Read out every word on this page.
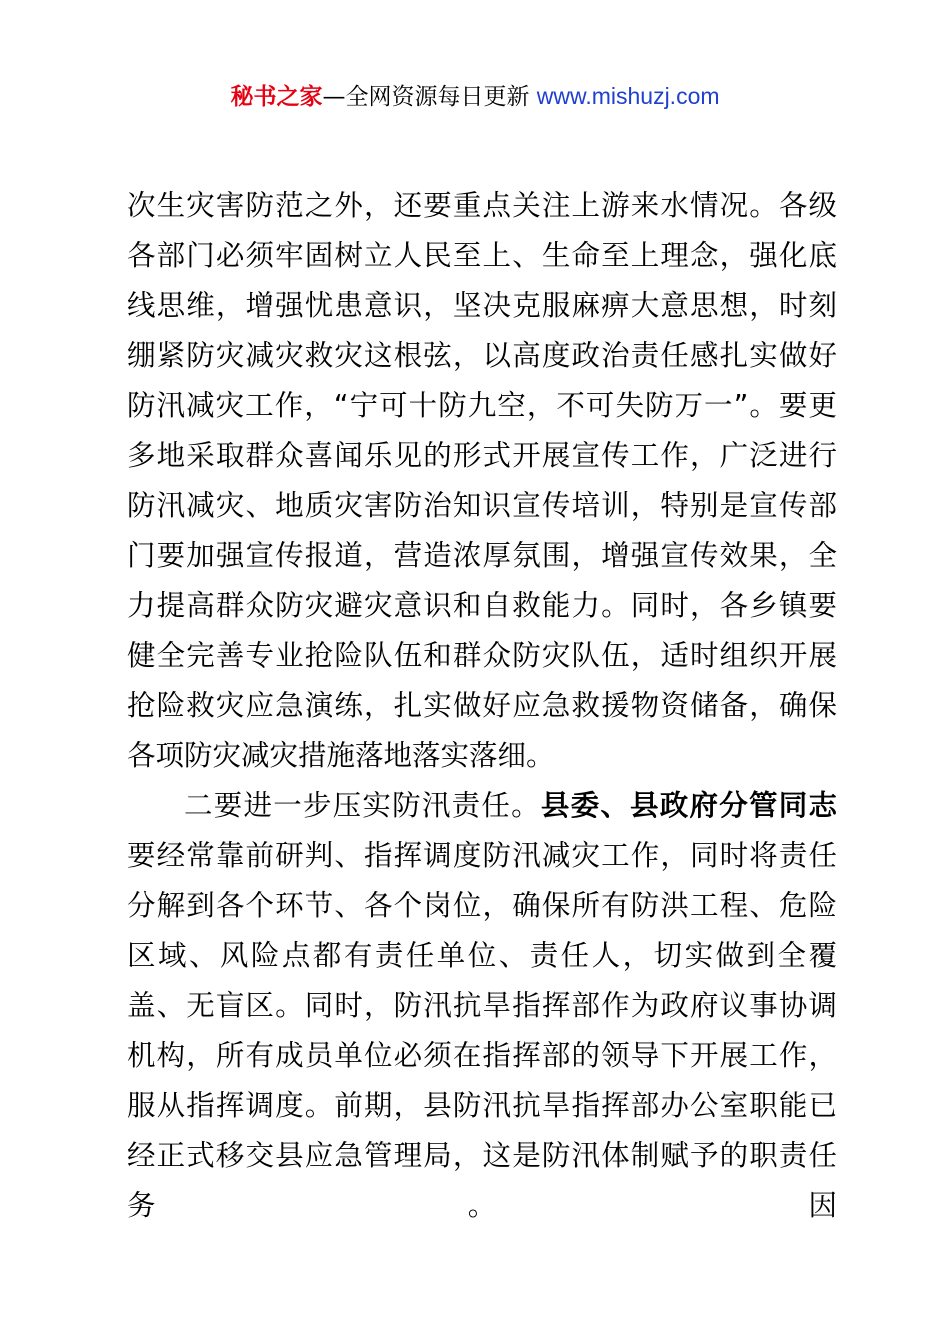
秘书之家—全网资源每日更新 www.mishuzj.com

次生灾害防范之外，还要重点关注上游来水情况。各级各部门必须牢固树立人民至上、生命至上理念，强化底线思维，增强忧患意识，坚决克服麻痹大意思想，时刻绷紧防灾减灾救灾这根弦，以高度政治责任感扎实做好防汛减灾工作，“宁可十防九空，不可失防万一”。要更多地采取群众喜闻乐见的形式开展宣传工作，广泛进行防汛减灾、地质灾害防治知识宣传培训，特别是宣传部门要加强宣传报道，营造浓厚氛围，增强宣传效果，全力提高群众防灾避灾意识和自救能力。同时，各乡镇要健全完善专业抢险队伍和群众防灾队伍，适时组织开展抢险救灾应急演练，扎实做好应急救援物资储备，确保各项防灾减灾措施落地落实落细。

二要进一步压实防汛责任。县委、县政府分管同志要经常靠前研判、指挥调度防汛减灾工作，同时将责任分解到各个环节、各个岗位，确保所有防洪工程、危险区域、风险点都有责任单位、责任人，切实做到全覆盖、无盲区。同时，防汛抗旱指挥部作为政府议事协调机构，所有成员单位必须在指挥部的领导下开展工作，服从指挥调度。前期，县防汛抗旱指挥部办公室职能已经正式移交县应急管理局，这是防汛体制赋予的职责任务。因
